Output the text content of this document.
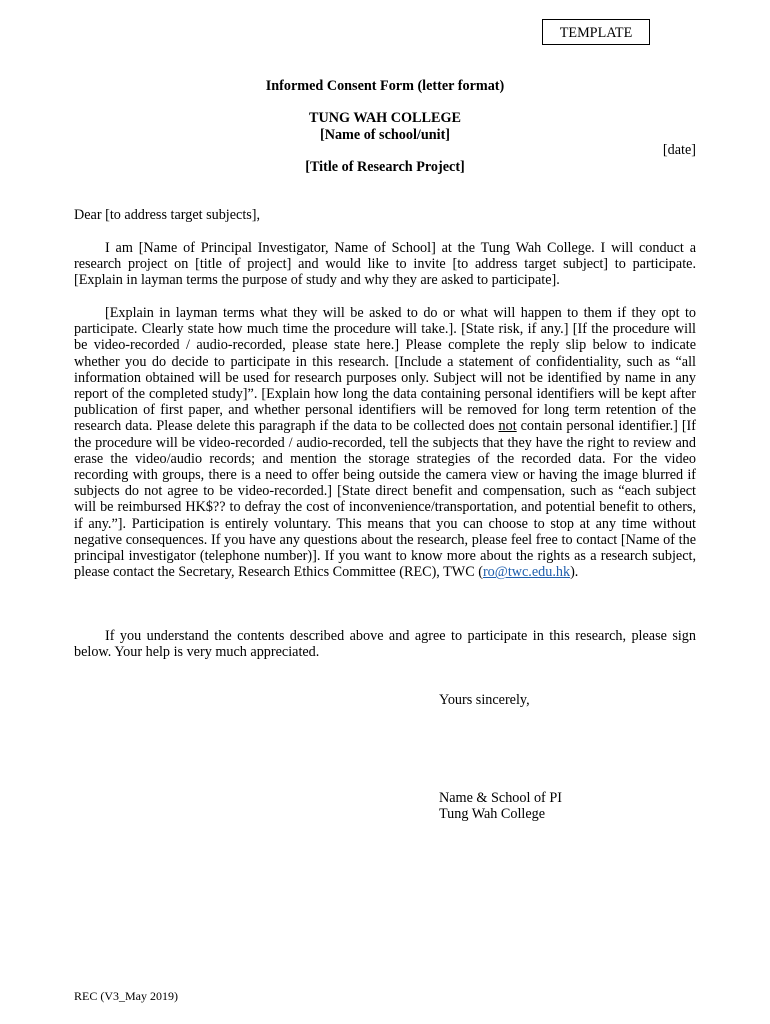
TEMPLATE
Informed Consent Form (letter format)
TUNG WAH COLLEGE
[Name of school/unit]
[date]
[Title of Research Project]
Dear [to address target subjects],
I am [Name of Principal Investigator, Name of School] at the Tung Wah College. I will conduct a research project on [title of project] and would like to invite [to address target subject] to participate. [Explain in layman terms the purpose of study and why they are asked to participate].
[Explain in layman terms what they will be asked to do or what will happen to them if they opt to participate. Clearly state how much time the procedure will take.]. [State risk, if any.] [If the procedure will be video-recorded / audio-recorded, please state here.] Please complete the reply slip below to indicate whether you do decide to participate in this research. [Include a statement of confidentiality, such as “all information obtained will be used for research purposes only. Subject will not be identified by name in any report of the completed study]”. [Explain how long the data containing personal identifiers will be kept after publication of first paper, and whether personal identifiers will be removed for long term retention of the research data. Please delete this paragraph if the data to be collected does not contain personal identifier.] [If the procedure will be video-recorded / audio-recorded, tell the subjects that they have the right to review and erase the video/audio records; and mention the storage strategies of the recorded data. For the video recording with groups, there is a need to offer being outside the camera view or having the image blurred if subjects do not agree to be video-recorded.] [State direct benefit and compensation, such as “each subject will be reimbursed HK$?? to defray the cost of inconvenience/transportation, and potential benefit to others, if any.”]. Participation is entirely voluntary. This means that you can choose to stop at any time without negative consequences. If you have any questions about the research, please feel free to contact [Name of the principal investigator (telephone number)]. If you want to know more about the rights as a research subject, please contact the Secretary, Research Ethics Committee (REC), TWC (ro@twc.edu.hk).
If you understand the contents described above and agree to participate in this research, please sign below. Your help is very much appreciated.
Yours sincerely,
Name & School of PI
Tung Wah College
REC (V3_May 2019)
